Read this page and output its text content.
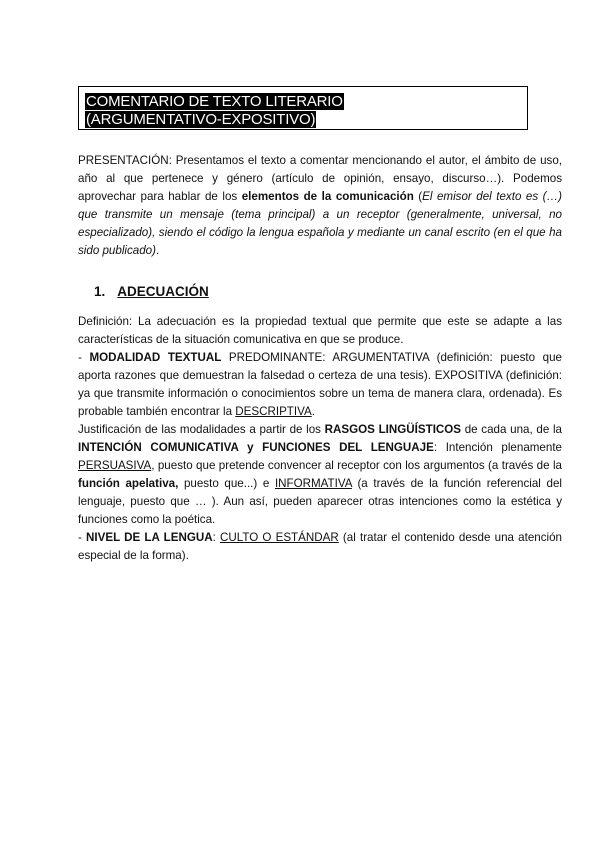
COMENTARIO DE TEXTO LITERARIO
(ARGUMENTATIVO-EXPOSITIVO)
PRESENTACIÓN: Presentamos el texto a comentar mencionando el autor, el ámbito de uso, año al que pertenece y género (artículo de opinión, ensayo, discurso…). Podemos aprovechar para hablar de los elementos de la comunicación (El emisor del texto es (…) que transmite un mensaje (tema principal) a un receptor (generalmente, universal, no especializado), siendo el código la lengua española y mediante un canal escrito (en el que ha sido publicado).
1. ADECUACIÓN

Definición: La adecuación es la propiedad textual que permite que este se adapte a las características de la situación comunicativa en que se produce.

- MODALIDAD TEXTUAL PREDOMINANTE: ARGUMENTATIVA (definición: puesto que aporta razones que demuestran la falsedad o certeza de una tesis). EXPOSITIVA (definición: ya que transmite información o conocimientos sobre un tema de manera clara, ordenada). Es probable también encontrar la DESCRIPTIVA.

Justificación de las modalidades a partir de los RASGOS LINGÜÍSTICOS de cada una, de la INTENCIÓN COMUNICATIVA y FUNCIONES DEL LENGUAJE: Intención plenamente PERSUASIVA, puesto que pretende convencer al receptor con los argumentos (a través de la función apelativa, puesto que...) e INFORMATIVA (a través de la función referencial del lenguaje, puesto que … ). Aun así, pueden aparecer otras intenciones como la estética y funciones como la poética.

- NIVEL DE LA LENGUA: CULTO O ESTÁNDAR (al tratar el contenido desde una atención especial de la forma).
